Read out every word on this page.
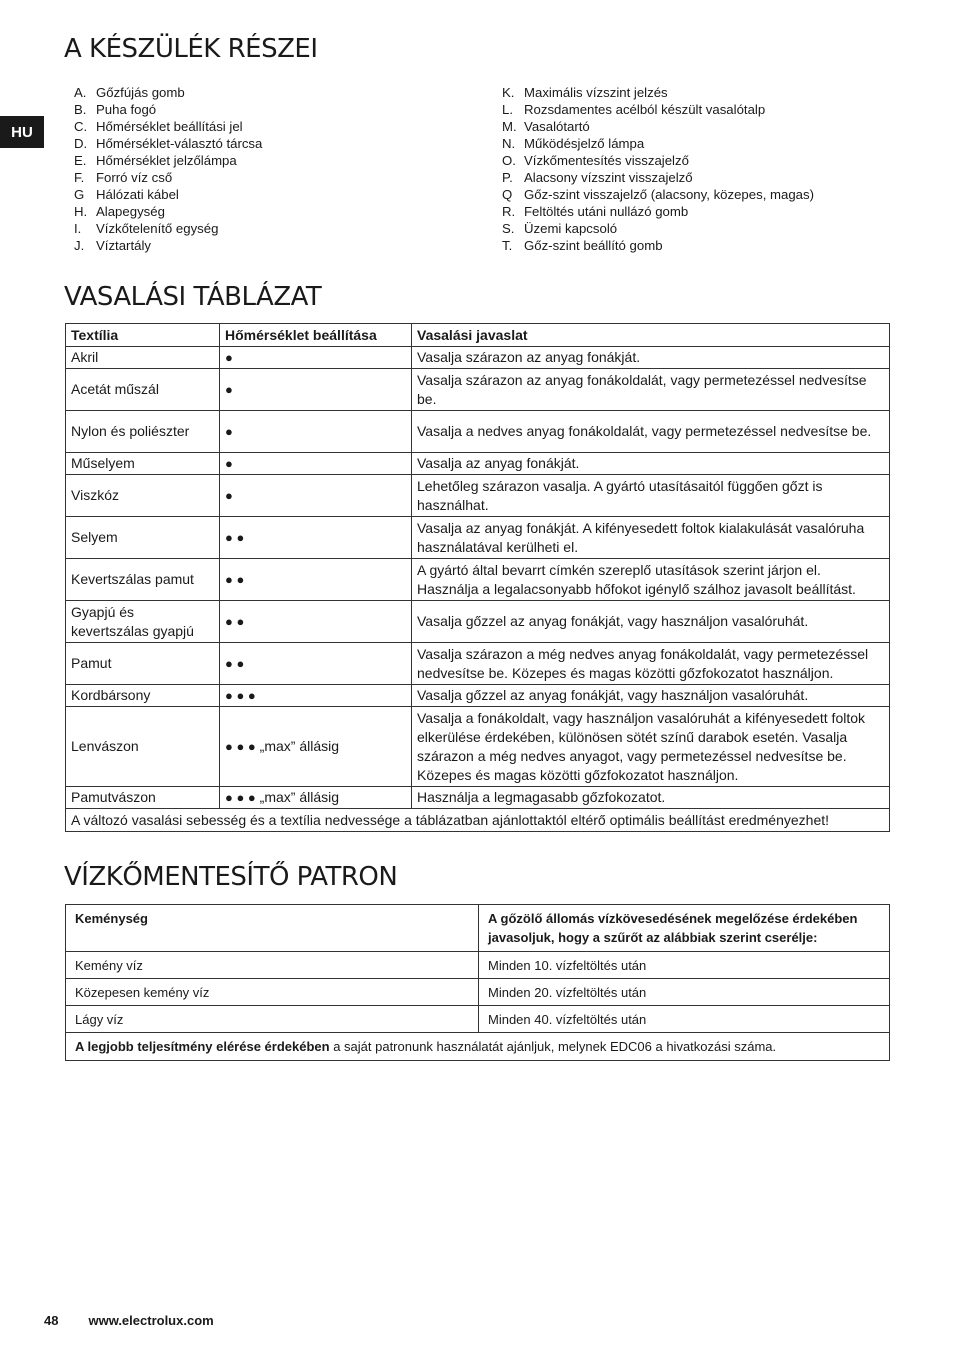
HU
A KÉSZÜLÉK RÉSZEI
A. Gőzfújás gomb
B. Puha fogó
C. Hőmérséklet beállítási jel
D. Hőmérséklet-választó tárcsa
E. Hőmérséklet jelzőlámpa
F. Forró víz cső
G Hálózati kábel
H. Alapegység
I.	Vízkőtelenítő egység
J. Víztartály
K. Maximális vízszint jelzés
L. Rozsdamentes acélból készült vasalótalp
M. Vasalótartó
N. Működésjelző lámpa
O. Vízkőmentesítés visszajelző
P. Alacsony vízszint visszajelző
Q Gőz-szint visszajelző (alacsony, közepes, magas)
R. Feltöltés utáni nullázó gomb
S. Üzemi kapcsoló
T. Gőz-szint beállító gomb
VASALÁSI TÁBLÁZAT
Textília	Hőmérséklet beállítása	Vasalási javaslat
Akril	●	Vasalja szárazon az anyag fonákját.
Acetát műszál	●	Vasalja szárazon az anyag fonákoldalát, vagy permetezéssel nedvesítse be.
Nylon és poliészter	●	Vasalja a nedves anyag fonákoldalát, vagy permetezéssel nedvesítse be.
Műselyem	●	Vasalja az anyag fonákját.
Viszkóz	●	Lehetőleg szárazon vasalja. A gyártó utasításaitól függően gőzt is használhat.
Selyem	● ●	Vasalja az anyag fonákját. A kifényesedett foltok kialakulását vasalóruha használatával kerülheti el.
Kevertszálas pamut	● ●	A gyártó által bevarrt címkén szereplő utasítások szerint járjon el. Használja a legalacsonyabb hőfokot igénylő szálhoz javasolt beállítást.
Gyapjú és kevertszálas gyapjú	● ●	Vasalja gőzzel az anyag fonákját, vagy használjon vasalóruhát.
Pamut	● ●	Vasalja szárazon a még nedves anyag fonákoldalát, vagy permetezéssel nedvesítse be. Közepes és magas közötti gőzfokozatot használjon.
Kordbársony	● ● ●	Vasalja gőzzel az anyag fonákját, vagy használjon vasalóruhát.
Lenvászon	● ● ● „max” állásig	Vasalja a fonákoldalt, vagy használjon vasalóruhát a kifényesedett foltok elkerülése érdekében, különösen sötét színű darabok esetén. Vasalja szárazon a még nedves anyagot, vagy permetezéssel nedvesítse be. Közepes és magas közötti gőzfokozatot használjon.
Pamutvászon	● ● ● „max” állásig	Használja a legmagasabb gőzfokozatot.
A változó vasalási sebesség és a textília nedvessége a táblázatban ajánlottaktól eltérő optimális beállítást eredményezhet!		
VÍZKŐMENTESÍTŐ PATRON
Keménység	A gőzölő állomás vízkövesedésének megelőzése érdekében javasoljuk, hogy a szűrőt az alábbiak szerint cserélje:
Kemény víz	Minden 10. vízfeltöltés után
Közepesen kemény víz	Minden 20. vízfeltöltés után
Lágy víz	Minden 40. vízfeltöltés után
A legjobb teljesítmény elérése érdekében a saját patronunk használatát ajánljuk, melynek EDC06 a hivatkozási száma.	
48 www.electrolux.com
